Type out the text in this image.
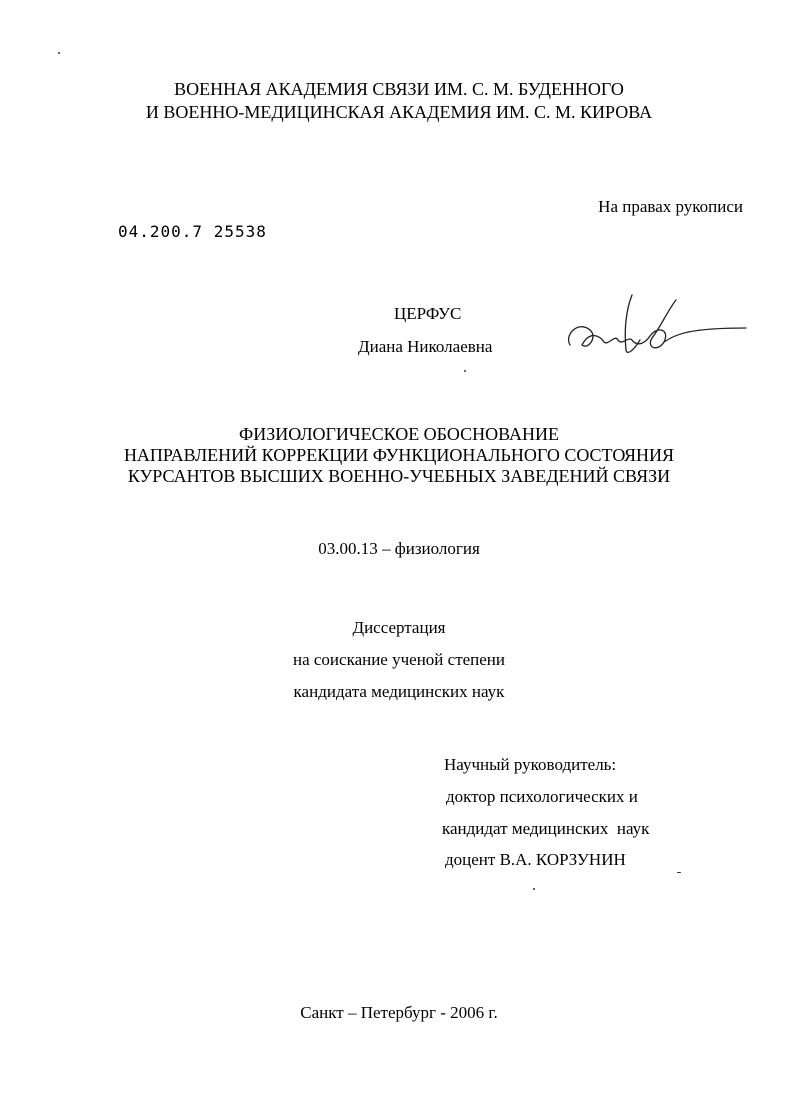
ВОЕННАЯ АКАДЕМИЯ СВЯЗИ ИМ. С. М. БУДЕННОГО

И ВОЕННО-МЕДИЦИНСКАЯ АКАДЕМИЯ ИМ. С. М. КИРОВА

На правах рукописи

04.200.7 25538

ЦЕРФУС

Диана Николаевна

ФИЗИОЛОГИЧЕСКОЕ ОБОСНОВАНИЕ

НАПРАВЛЕНИЙ КОРРЕКЦИИ ФУНКЦИОНАЛЬНОГО СОСТОЯНИЯ

КУРСАНТОВ ВЫСШИХ ВОЕННО-УЧЕБНЫХ ЗАВЕДЕНИЙ СВЯЗИ

03.00.13 – физиология

Диссертация

на соискание ученой степени

кандидата медицинских наук

Научный руководитель:

доктор психологических и

кандидат медицинских  наук

доцент В.А. КОРЗУНИН

Санкт – Петербург - 2006 г.
